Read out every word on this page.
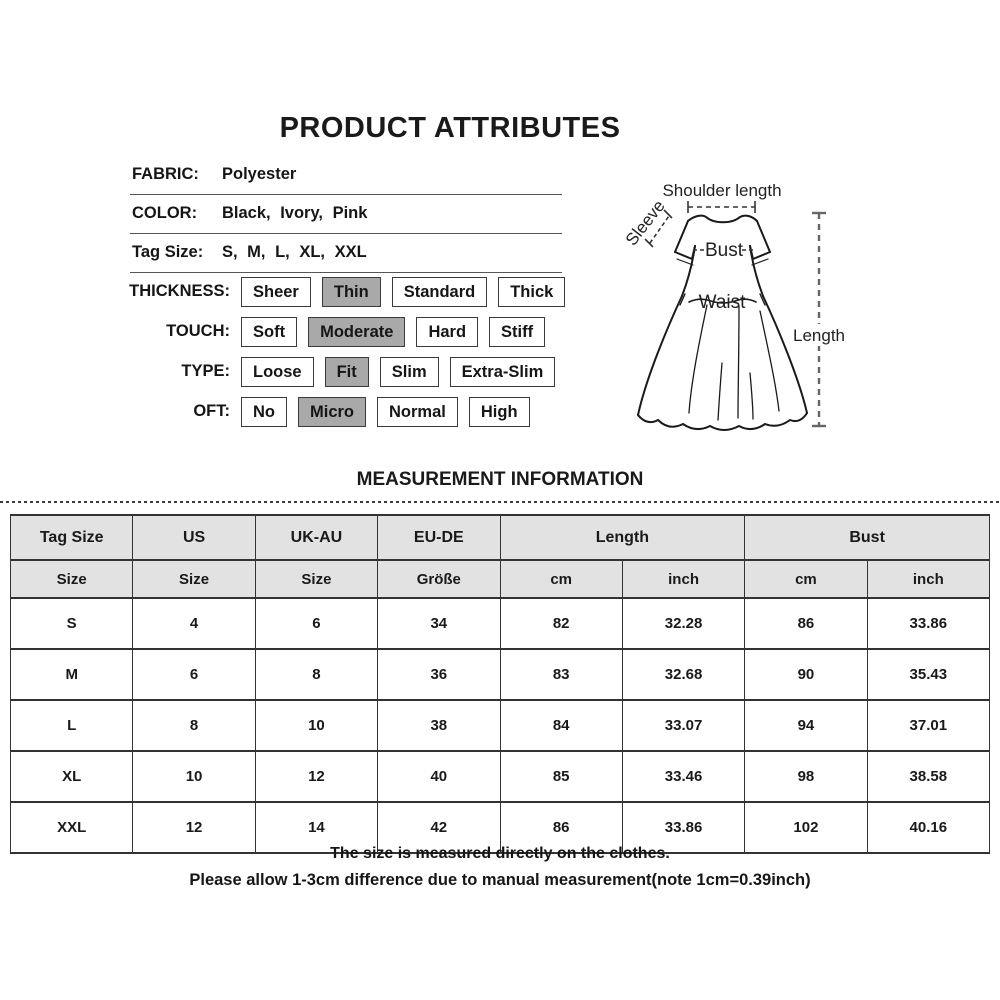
PRODUCT ATTRIBUTES
FABRIC:	Polyester
COLOR:	Black, Ivory, Pink
Tag Size:	S, M, L, XL, XXL
THICKNESS:	Sheer	Thin	Standard	Thick
TOUCH:	Soft	Moderate	Hard	Stiff
TYPE:	Loose	Fit	Slim	Extra-Slim
OFT:	No	Micro	Normal	High
Shoulder length
Sleeve
Bust
Waist
Length
MEASUREMENT INFORMATION
Tag Size	US	UK-AU	EU-DE	Length		Bust	
Size	Size	Size	Größe	cm	inch	cm	inch
S	4	6	34	82	32.28	86	33.86
M	6	8	36	83	32.68	90	35.43
L	8	10	38	84	33.07	94	37.01
XL	10	12	40	85	33.46	98	38.58
XXL	12	14	42	86	33.86	102	40.16
The size is measured directly on the clothes.
Please allow 1-3cm difference due to manual measurement(note 1cm=0.39inch)
